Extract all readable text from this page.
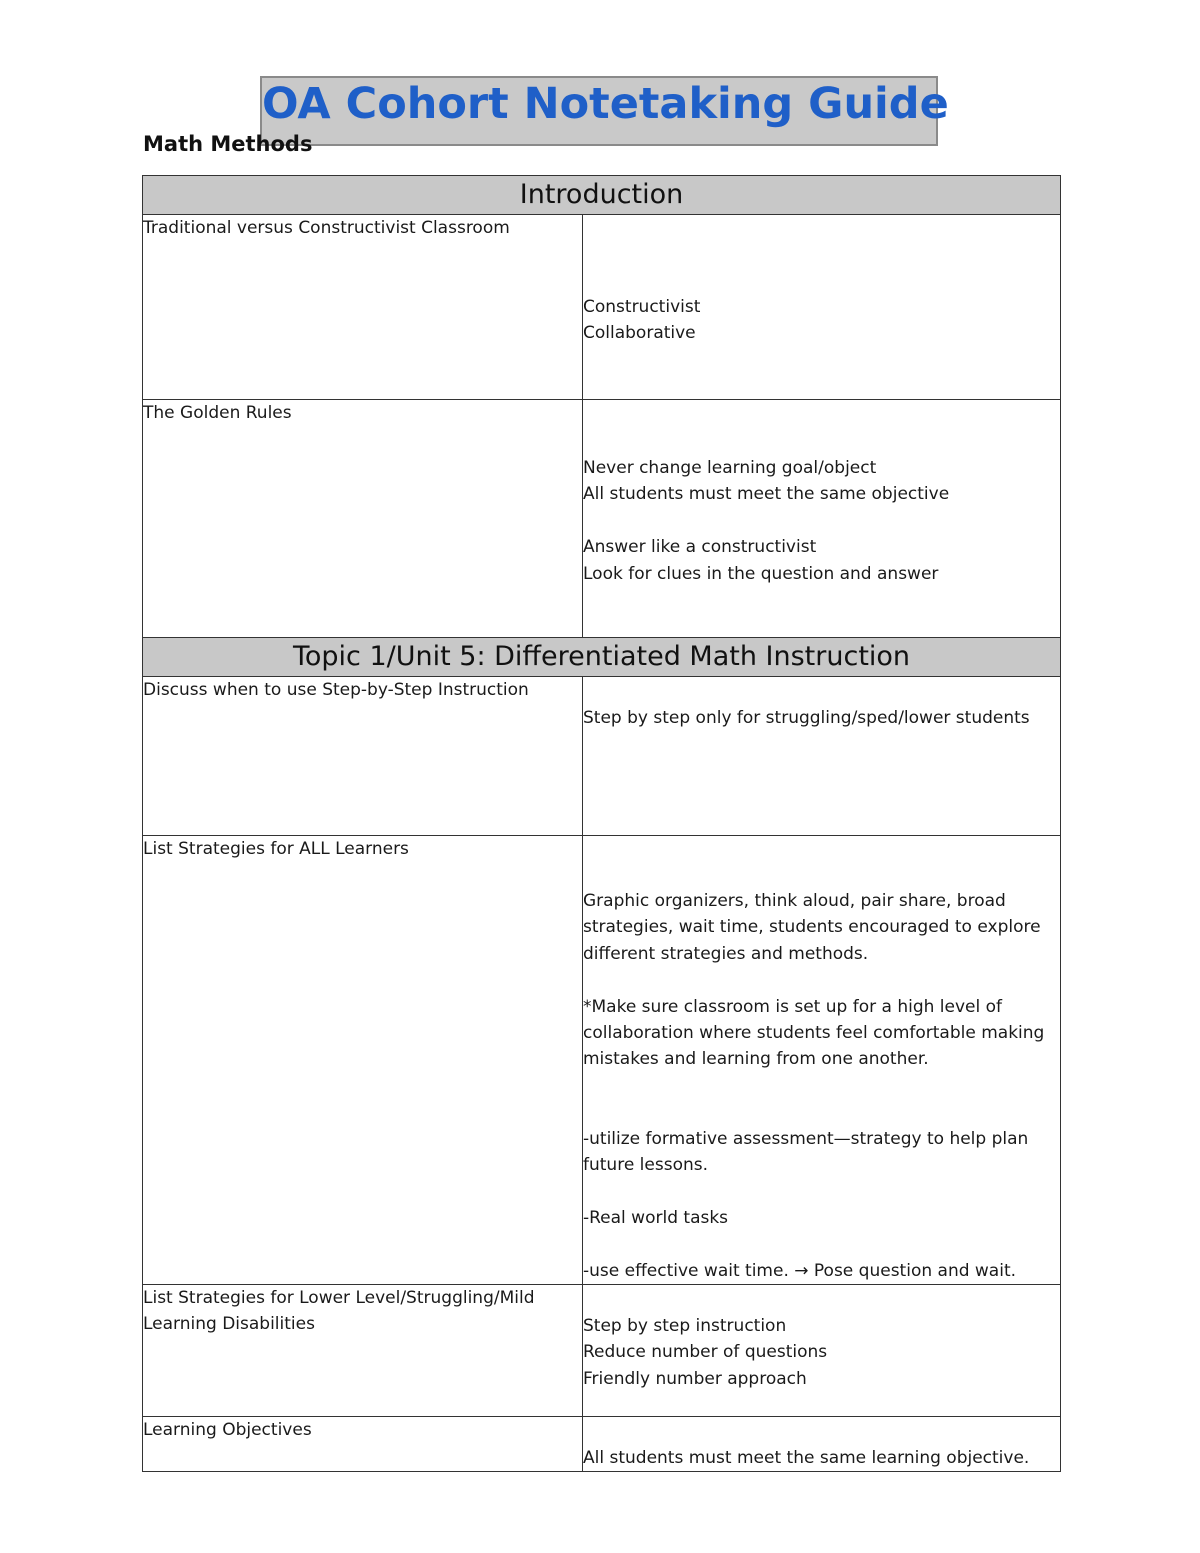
OA Cohort Notetaking Guide
Math Methods
Introduction	
Traditional versus Constructivist Classroom	Constructivist
Collaborative

The Golden Rules	Never change learning goal/object
All students must meet the same objective
Answer like a constructivist
Look for clues in the question and answer

Topic 1/Unit 5: Differentiated Math Instruction	
Discuss when to use Step-by-Step Instruction	Step by step only for struggling/sped/lower students

List Strategies for ALL Learners	Graphic organizers, think aloud, pair share, broad strategies, wait time, students encouraged to explore different strategies and methods.
*Make sure classroom is set up for a high level of collaboration where students feel comfortable making mistakes and learning from one another.
-utilize formative assessment—strategy to help plan future lessons.
-Real world tasks
-use effective wait time. → Pose question and wait.

List Strategies for Lower Level/Struggling/Mild Learning Disabilities	Step by step instruction
Reduce number of questions
Friendly number approach

Learning Objectives	All students must meet the same learning objective.
